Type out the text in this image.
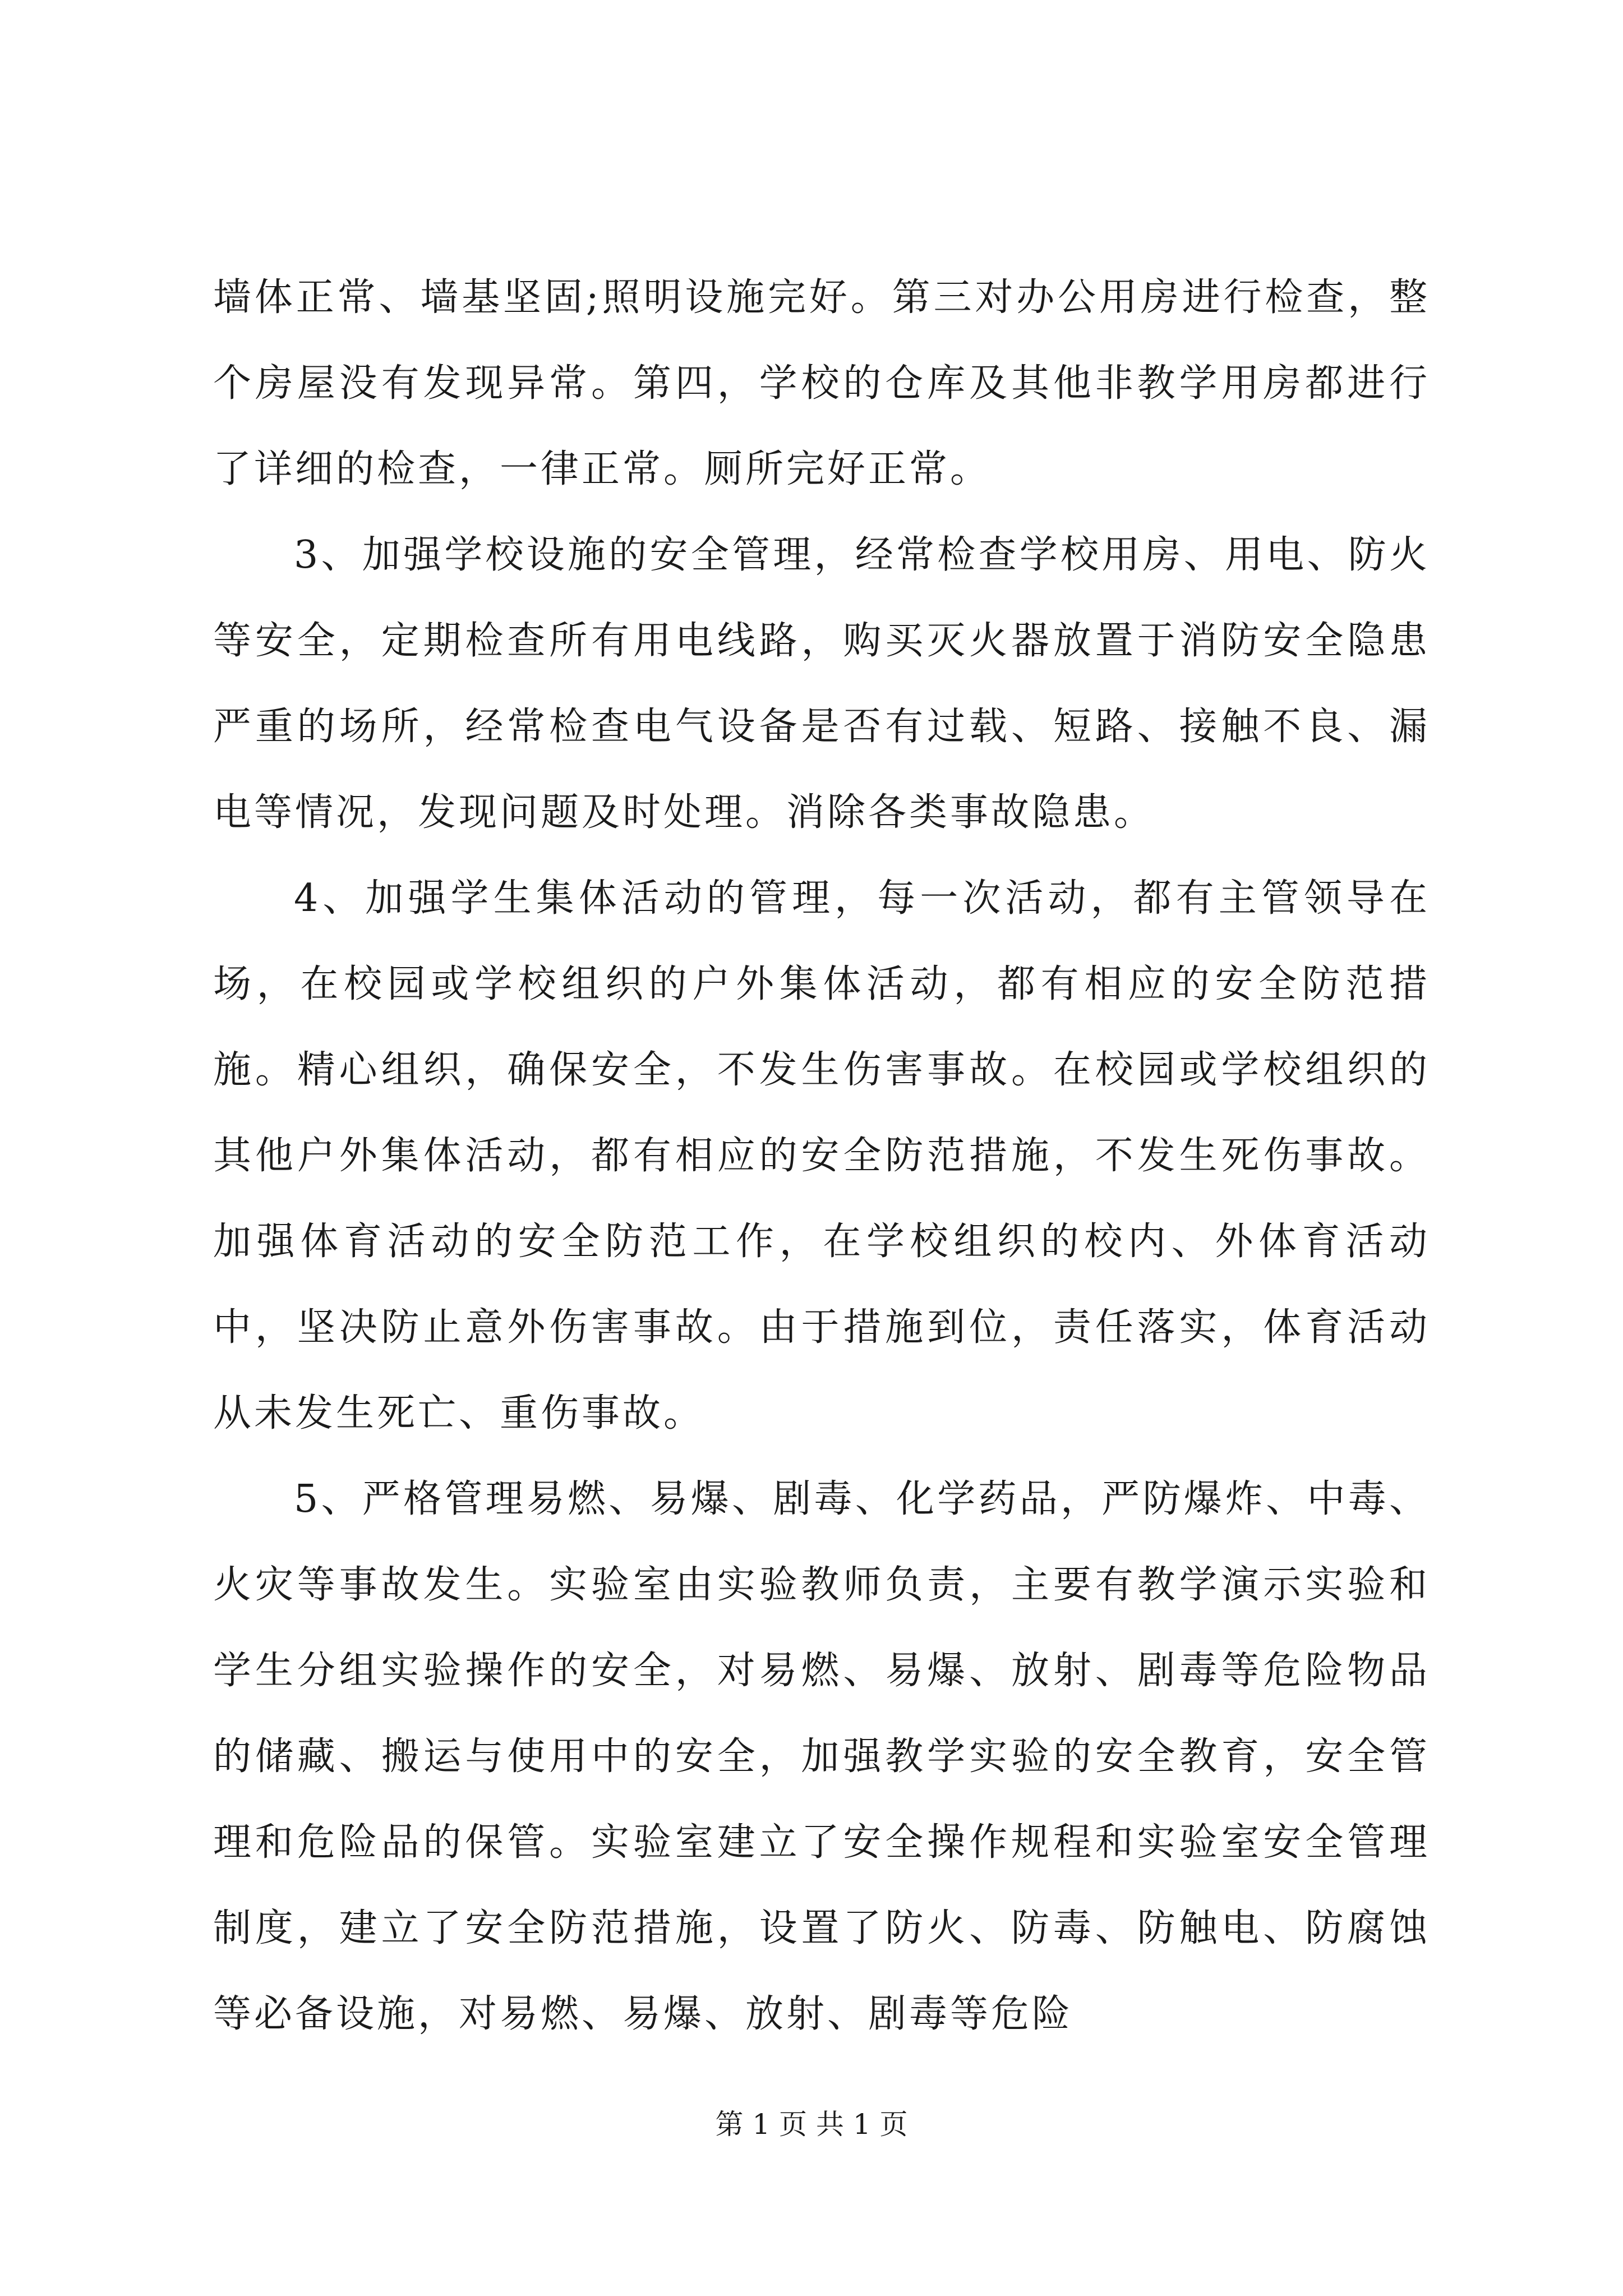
墙体正常、墙基坚固;照明设施完好。第三对办公用房进行检查，整个房屋没有发现异常。第四，学校的仓库及其他非教学用房都进行了详细的检查，一律正常。厕所完好正常。

3、加强学校设施的安全管理，经常检查学校用房、用电、防火等安全，定期检查所有用电线路，购买灭火器放置于消防安全隐患严重的场所，经常检查电气设备是否有过载、短路、接触不良、漏电等情况，发现问题及时处理。消除各类事故隐患。

4、加强学生集体活动的管理，每一次活动，都有主管领导在场，在校园或学校组织的户外集体活动，都有相应的安全防范措施。精心组织，确保安全，不发生伤害事故。在校园或学校组织的其他户外集体活动，都有相应的安全防范措施，不发生死伤事故。加强体育活动的安全防范工作，在学校组织的校内、外体育活动中，坚决防止意外伤害事故。由于措施到位，责任落实，体育活动从未发生死亡、重伤事故。

5、严格管理易燃、易爆、剧毒、化学药品，严防爆炸、中毒、火灾等事故发生。实验室由实验教师负责，主要有教学演示实验和学生分组实验操作的安全，对易燃、易爆、放射、剧毒等危险物品的储藏、搬运与使用中的安全，加强教学实验的安全教育，安全管理和危险品的保管。实验室建立了安全操作规程和实验室安全管理制度，建立了安全防范措施，设置了防火、防毒、防触电、防腐蚀等必备设施，对易燃、易爆、放射、剧毒等危险

第 1 页 共 1 页
